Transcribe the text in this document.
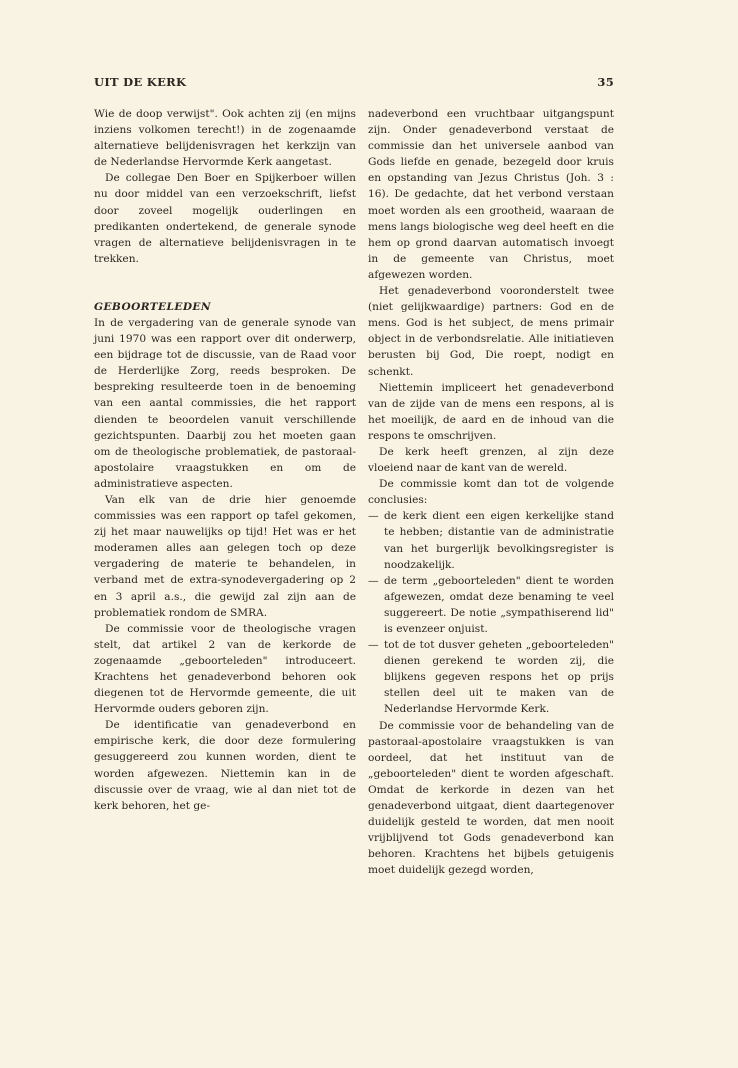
UIT DE KERK	35

Wie de doop verwijst". Ook achten zij (en mijns inziens volkomen terecht!) in de zogenaamde alternatieve belijdenisvragen het kerkzijn van de Nederlandse Hervormde Kerk aangetast.

De collegae Den Boer en Spijkerboer willen nu door middel van een verzoekschrift, liefst door zoveel mogelijk ouderlingen en predikanten ondertekend, de generale synode vragen de alternatieve belijdenisvragen in te trekken.

GEBOORTELEDEN

In de vergadering van de generale synode van juni 1970 was een rapport over dit onderwerp, een bijdrage tot de discussie, van de Raad voor de Herderlijke Zorg, reeds besproken. De bespreking resulteerde toen in de benoeming van een aantal commissies, die het rapport dienden te beoordelen vanuit verschillende gezichtspunten. Daarbij zou het moeten gaan om de theologische problematiek, de pastoraal-apostolaire vraagstukken en om de administratieve aspecten.

Van elk van de drie hier genoemde commissies was een rapport op tafel gekomen, zij het maar nauwelijks op tijd! Het was er het moderamen alles aan gelegen toch op deze vergadering de materie te behandelen, in verband met de extra-synodevergadering op 2 en 3 april a.s., die gewijd zal zijn aan de problematiek rondom de SMRA.

De commissie voor de theologische vragen stelt, dat artikel 2 van de kerkorde de zogenaamde „geboorteleden" introduceert. Krachtens het genadeverbond behoren ook diegenen tot de Hervormde gemeente, die uit Hervormde ouders geboren zijn.

De identificatie van genadeverbond en empirische kerk, die door deze formulering gesuggereerd zou kunnen worden, dient te worden afgewezen. Niettemin kan in de discussie over de vraag, wie al dan niet tot de kerk behoren, het ge-

nadeverbond een vruchtbaar uitgangspunt zijn. Onder genadeverbond verstaat de commissie dan het universele aanbod van Gods liefde en genade, bezegeld door kruis en opstanding van Jezus Christus (Joh. 3 : 16). De gedachte, dat het verbond verstaan moet worden als een grootheid, waaraan de mens langs biologische weg deel heeft en die hem op grond daarvan automatisch invoegt in de gemeente van Christus, moet afgewezen worden.

Het genadeverbond vooronderstelt twee (niet gelijkwaardige) partners: God en de mens. God is het subject, de mens primair object in de verbondsrelatie. Alle initiatieven berusten bij God, Die roept, nodigt en schenkt.

Niettemin impliceert het genadeverbond van de zijde van de mens een respons, al is het moeilijk, de aard en de inhoud van die respons te omschrijven.

De kerk heeft grenzen, al zijn deze vloeiend naar de kant van de wereld.

De commissie komt dan tot de volgende conclusies:

— de kerk dient een eigen kerkelijke stand te hebben; distantie van de administratie van het burgerlijk bevolkingsregister is noodzakelijk.
— de term „geboorteleden" dient te worden afgewezen, omdat deze benaming te veel suggereert. De notie „sympathiserend lid" is evenzeer onjuist.
— tot de tot dusver geheten „geboorteleden" dienen gerekend te worden zij, die blijkens gegeven respons het op prijs stellen deel uit te maken van de Nederlandse Hervormde Kerk.

De commissie voor de behandeling van de pastoraal-apostolaire vraagstukken is van oordeel, dat het instituut van de „geboorteleden" dient te worden afgeschaft. Omdat de kerkorde in dezen van het genadeverbond uitgaat, dient daartegenover duidelijk gesteld te worden, dat men nooit vrijblijvend tot Gods genadeverbond kan behoren. Krachtens het bijbels getuigenis moet duidelijk gezegd worden,
